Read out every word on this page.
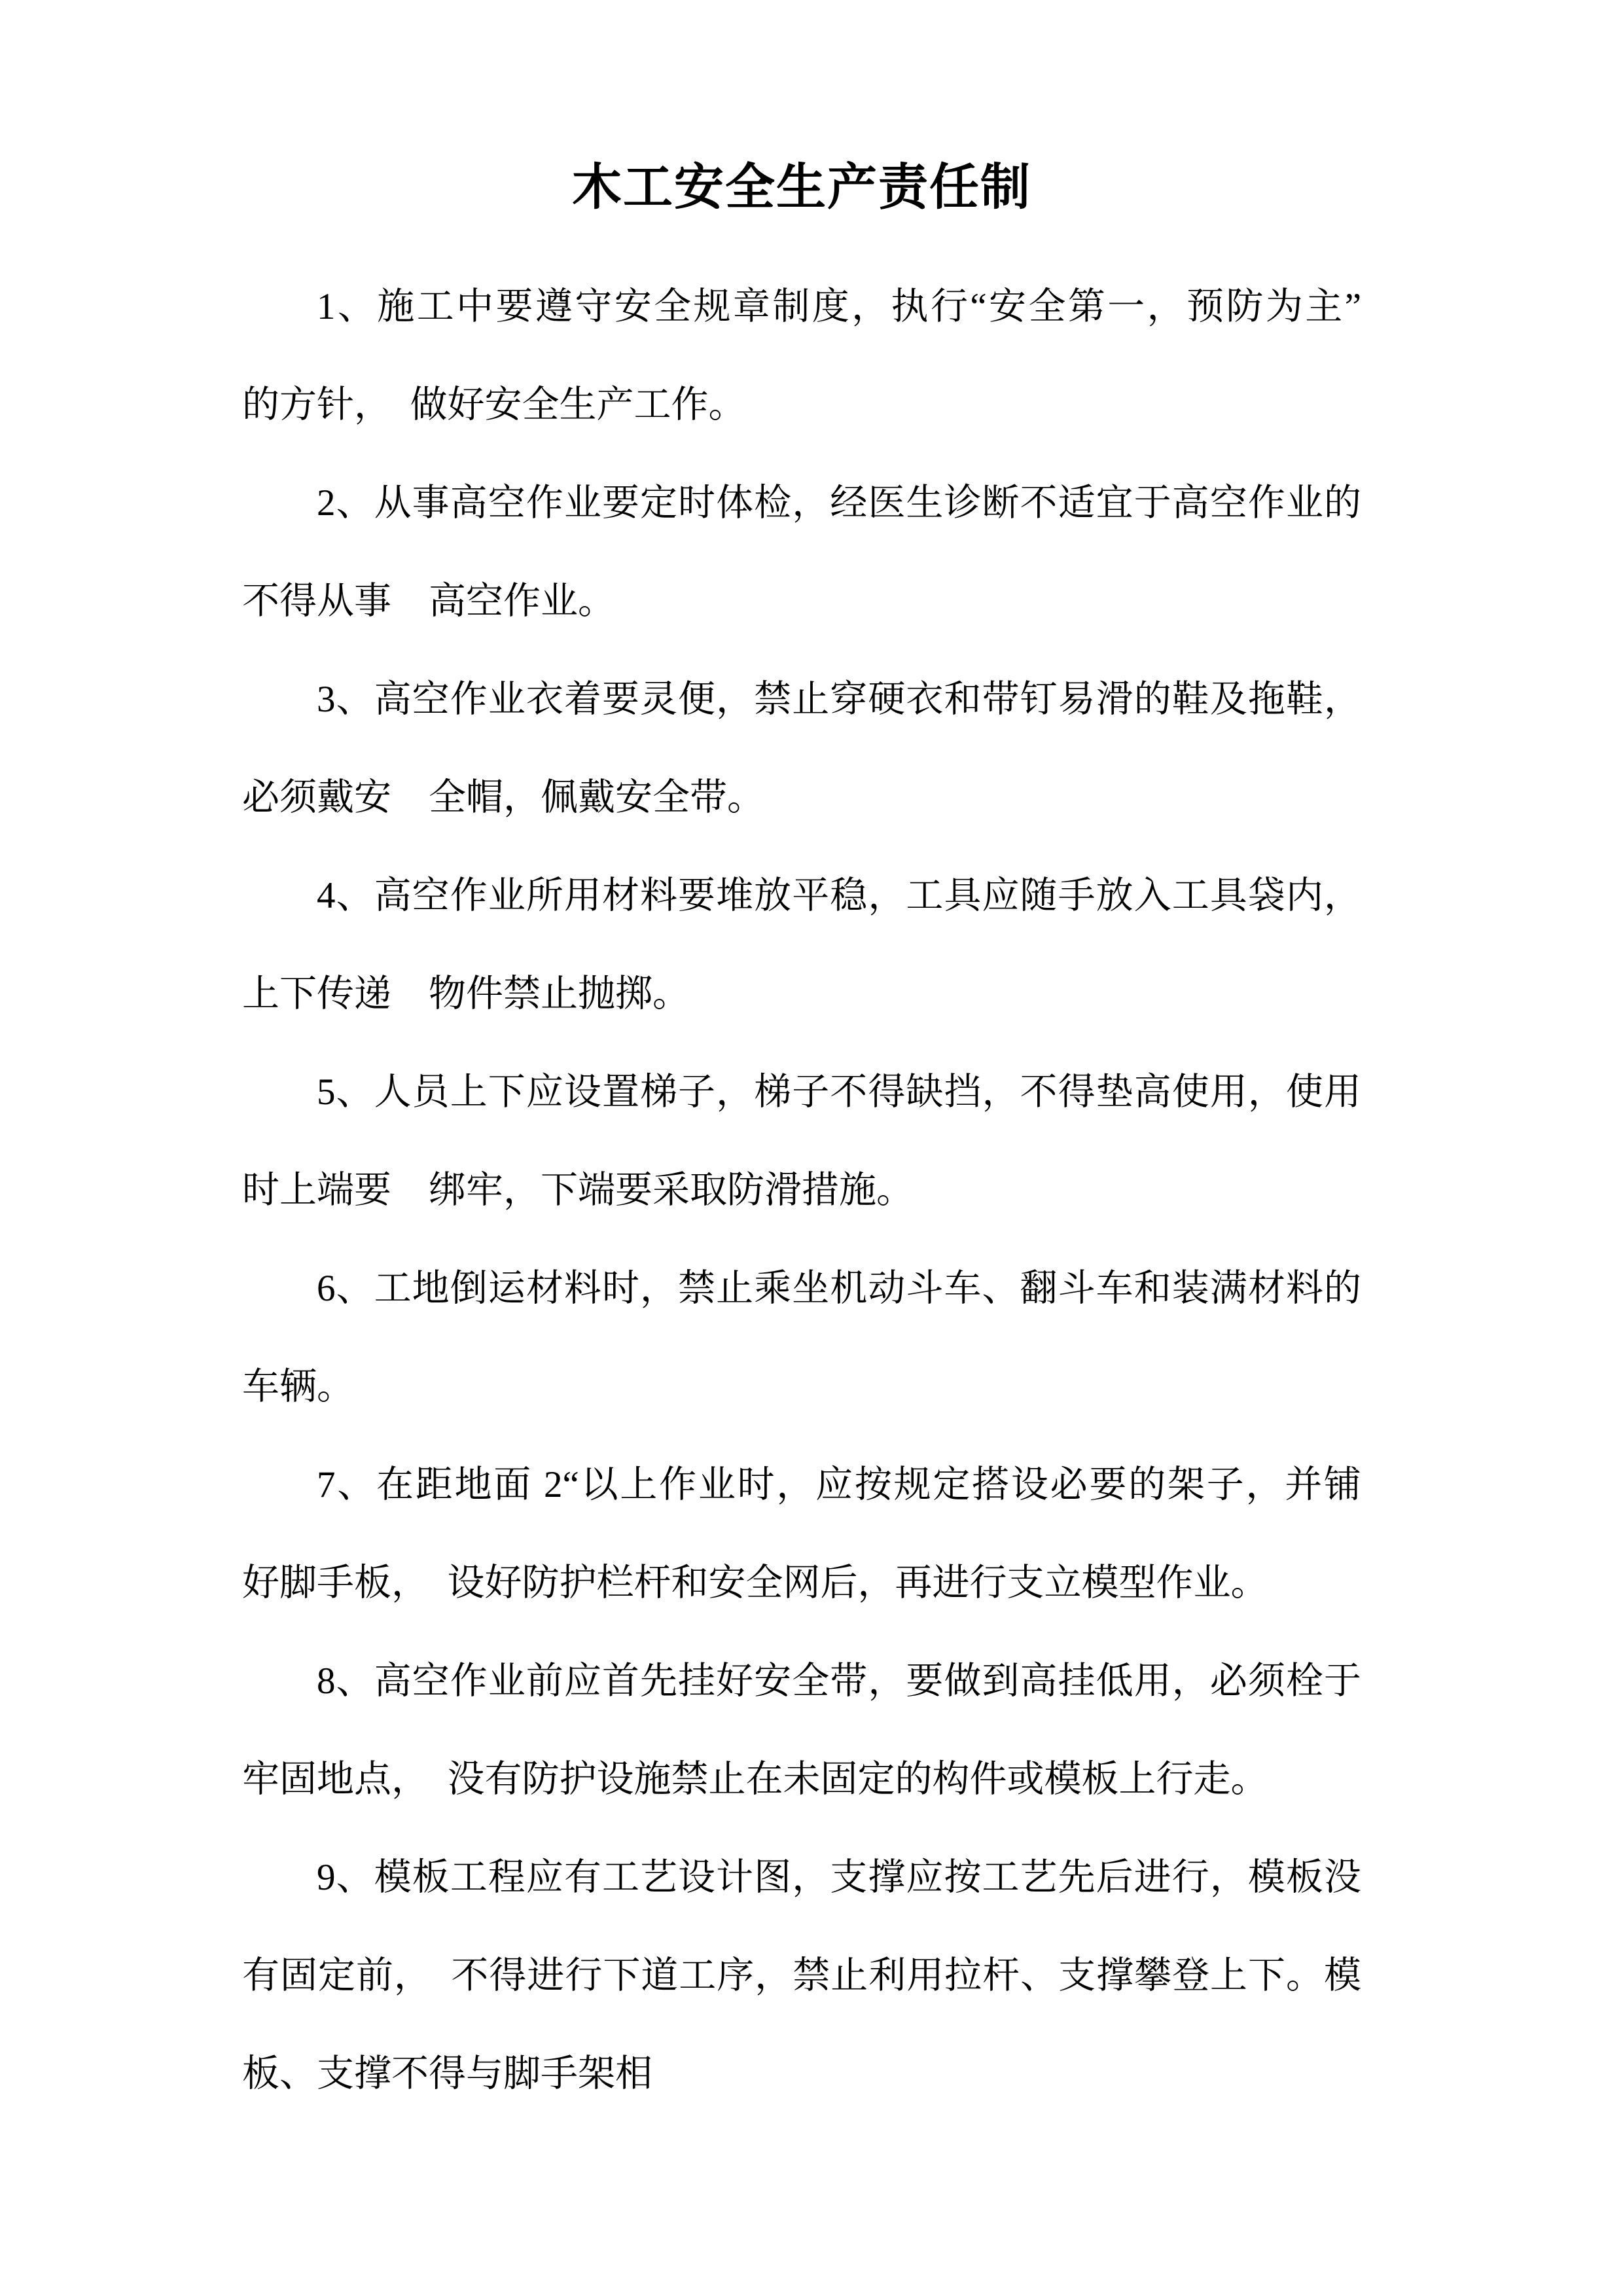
木工安全生产责任制
1、施工中要遵守安全规章制度，执行“安全第一，预防为主”
的方针，　做好安全生产工作。
2、从事高空作业要定时体检，经医生诊断不适宜于高空作业的
不得从事　高空作业。
3、高空作业衣着要灵便，禁止穿硬衣和带钉易滑的鞋及拖鞋，
必须戴安　全帽，佩戴安全带。
4、高空作业所用材料要堆放平稳，工具应随手放入工具袋内，
上下传递　物件禁止抛掷。
5、人员上下应设置梯子，梯子不得缺挡，不得垫高使用，使用
时上端要　绑牢，下端要采取防滑措施。
6、工地倒运材料时，禁止乘坐机动斗车、翻斗车和装满材料的
车辆。
7、在距地面 2“以上作业时，应按规定搭设必要的架子，并铺
好脚手板，　设好防护栏杆和安全网后，再进行支立模型作业。
8、高空作业前应首先挂好安全带，要做到高挂低用，必须栓于
牢固地点，　没有防护设施禁止在未固定的构件或模板上行走。
9、模板工程应有工艺设计图，支撑应按工艺先后进行，模板没
有固定前，　不得进行下道工序，禁止利用拉杆、支撑攀登上下。模
板、支撑不得与脚手架相
